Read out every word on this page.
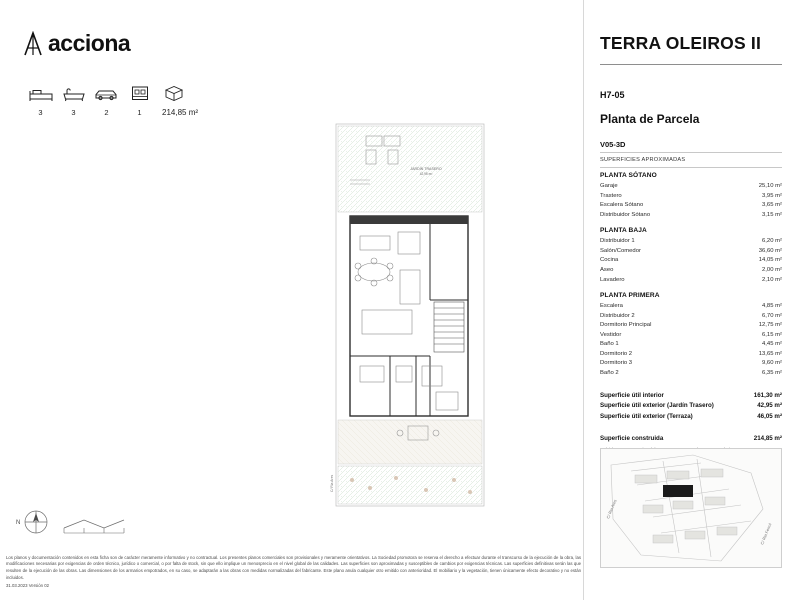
acciona
3	3	2	1	214,85 m²
JARDÍN TRASERO
42,95 m²
C/ Ria Ares
N
Los planos y documentación contenidos en esta ficha son de carácter meramente informativo y no contractual. Los presentes planos comerciales son provisionales y meramente orientativos. La Sociedad promotora se reserva el derecho a efectuar durante el transcurso de la ejecución de la obra, las modificaciones necesarias por exigencias de orden técnico, jurídico o comercial, o por falta de stock, sin que ello implique un menosprecio en el nivel global de las calidades. Las superficies son aproximadas y susceptibles de cambios por exigencias técnicas. Las superficies definitivas serán las que resulten de la ejecución de las obras. Las dimensiones de los armarios empotrados, en su caso, se adaptarán a las obras con medidas normalizadas del fabricante. Este plano anula cualquier otro emitido con anterioridad. El mobiliario y la vegetación, tienen únicamente efecto decorativo y no están incluidos.
31.03.2023 Versión 02
TERRA OLEIROS II
H7-05
Planta de Parcela
V05-3D
SUPERFICIES APROXIMADAS
PLANTA SÓTANO
Garaje	25,10 m²
Trastero	3,95 m²
Escalera Sótano	3,65 m²
Distribuidor Sótano	3,15 m²
PLANTA BAJA
Distribuidor 1	6,20 m²
Salón/Comedor	36,60 m²
Cocina	14,05 m²
Aseo	2,00 m²
Lavadero	2,10 m²
PLANTA PRIMERA
Escalera	4,85 m²
Distribuidor 2	6,70 m²
Dormitorio Principal	12,75 m²
Vestidor	6,15 m²
Baño 1	4,45 m²
Dormitorio 2	13,65 m²
Dormitorio 3	9,60 m²
Baño 2	6,35 m²
Superficie útil interior	161,30 m²
Superficie útil exterior (Jardín Trasero)	42,95 m²
Superficie útil exterior (Terraza)	46,05 m²
Superficie construida	214,85 m²
C/ Ria Ares
C/ Ria Ferrol
